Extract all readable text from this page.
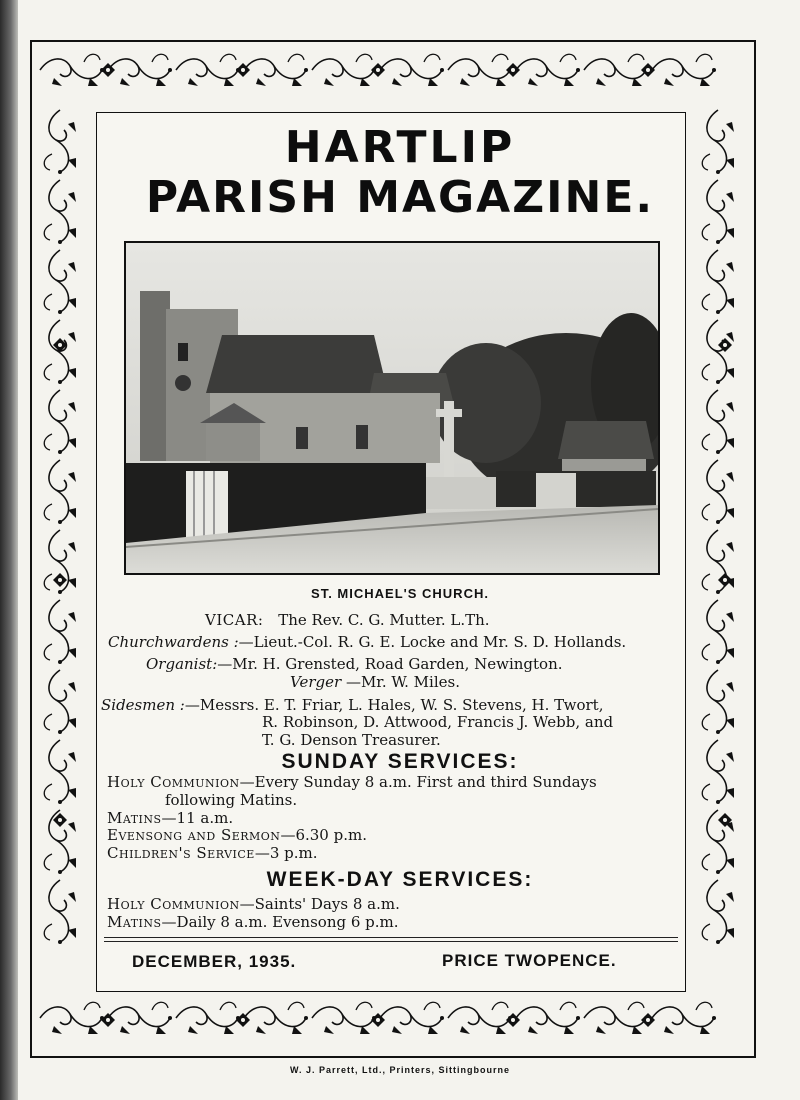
HARTLIP
PARISH MAGAZINE.
ST. MICHAEL'S CHURCH.
VICAR: The Rev. C. G. Mutter. L.Th.
Churchwardens :—Lieut.-Col. R. G. E. Locke and Mr. S. D. Hollands.
Organist:—Mr. H. Grensted, Road Garden, Newington.
Verger —Mr. W. Miles.
Sidesmen :—Messrs. E. T. Friar, L. Hales, W. S. Stevens, H. Twort,
R. Robinson, D. Attwood, Francis J. Webb, and
T. G. Denson Treasurer.
SUNDAY SERVICES:
Holy Communion—Every Sunday 8 a.m. First and third Sundays
following Matins.
Matins—11 a.m.
Evensong and Sermon—6.30 p.m.
Children's Service—3 p.m.
WEEK-DAY SERVICES:
Holy Communion—Saints' Days 8 a.m.
Matins—Daily 8 a.m. Evensong 6 p.m.
DECEMBER, 1935.	PRICE TWOPENCE.
W. J. Parrett, Ltd., Printers, Sittingbourne
